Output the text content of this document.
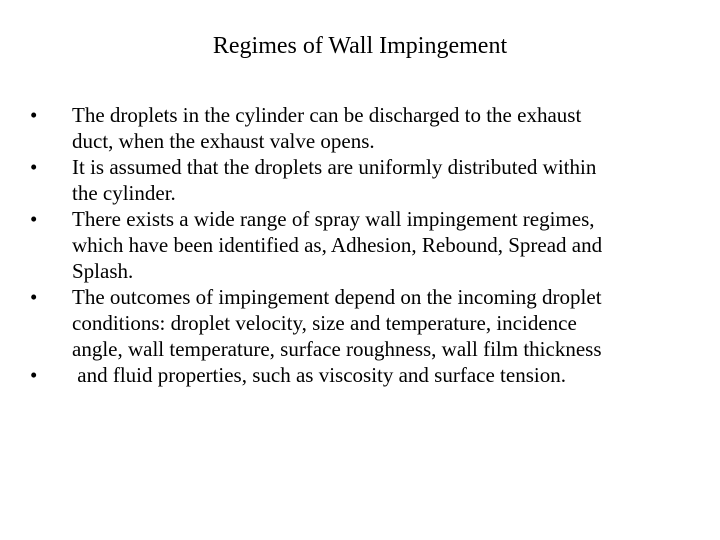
Regimes of Wall Impingement
•	The droplets in the cylinder can be discharged to the exhaust
duct, when the exhaust valve opens.
•	It is assumed that the droplets are uniformly distributed within
the cylinder.
•	There exists a wide range of spray wall impingement regimes,
which have been identified as, Adhesion, Rebound, Spread and
Splash.
•	The outcomes of impingement depend on the incoming droplet
conditions: droplet velocity, size and temperature, incidence
angle, wall temperature, surface roughness, wall film thickness
•	and fluid properties, such as viscosity and surface tension.
